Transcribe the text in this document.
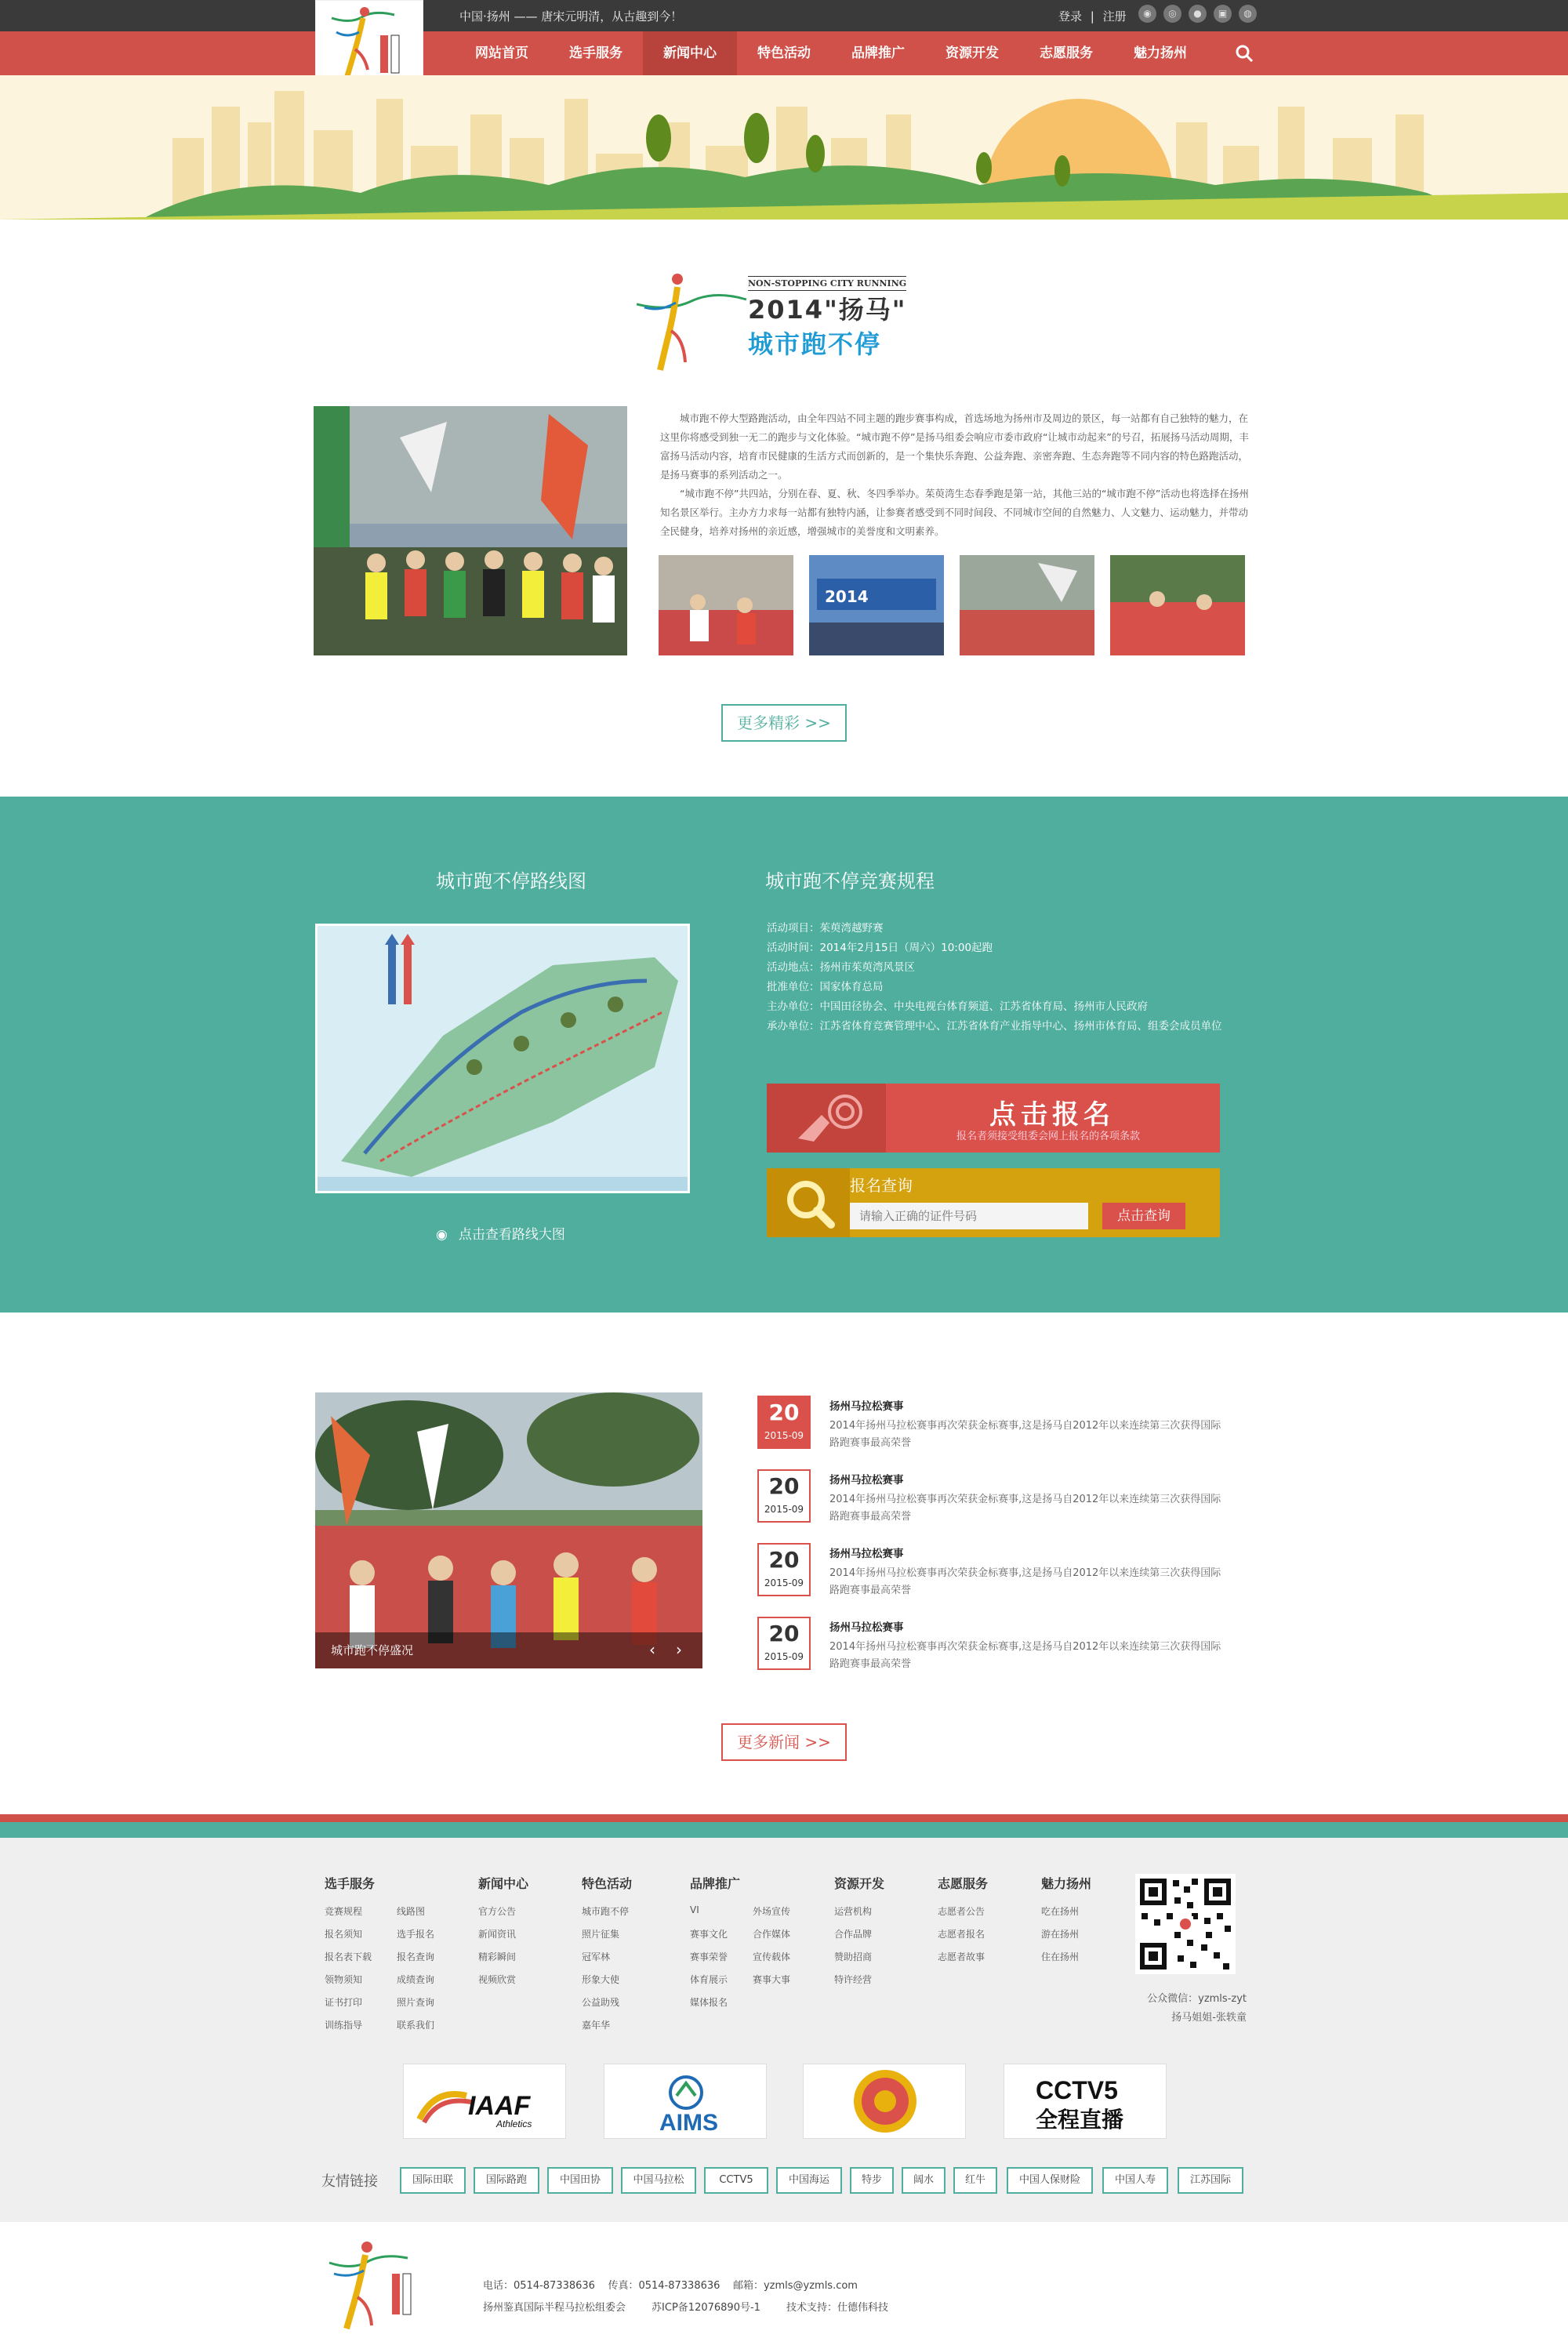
中国·扬州 —— 唐宋元明清，从古趣到今！	登录 | 注册	◉	◎	●	▣	◍
网站首页	选手服务	新闻中心	特色活动	品牌推广	资源开发	志愿服务	魅力扬州
NON-STOPPING CITY RUNNING
2014"扬马"
城市跑不停

城市跑不停大型路跑活动，由全年四站不同主题的跑步赛事构成，首选场地为扬州市及周边的景区，每一站都有自己独特的魅力，在这里你将感受到独一无二的跑步与文化体验。“城市跑不停”是扬马组委会响应市委市政府“让城市动起来”的号召，拓展扬马活动周期，丰富扬马活动内容，培育市民健康的生活方式而创新的，是一个集快乐奔跑、公益奔跑、亲密奔跑、生态奔跑等不同内容的特色路跑活动，是扬马赛事的系列活动之一。

“城市跑不停”共四站，分别在春、夏、秋、冬四季举办。茱萸湾生态春季跑是第一站，其他三站的“城市跑不停”活动也将选择在扬州知名景区举行。主办方力求每一站都有独特内涵，让参赛者感受到不同时间段、不同城市空间的自然魅力、人文魅力、运动魅力，并带动全民健身，培养对扬州的亲近感，增强城市的美誉度和文明素养。

2014
更多精彩 >>
城市跑不停路线图	城市跑不停竞赛规程
◉ 点击查看路线大图
活动项目：茱萸湾越野赛
活动时间：2014年2月15日（周六）10:00起跑
活动地点：扬州市茱萸湾风景区
批准单位：国家体育总局
主办单位：中国田径协会、中央电视台体育频道、江苏省体育局、扬州市人民政府
承办单位：江苏省体育竞赛管理中心、江苏省体育产业指导中心、扬州市体育局、组委会成员单位
点击报名
报名者须接受组委会网上报名的各项条款
报名查询
请输入正确的证件号码
点击查询
城市跑不停盛况	‹ ›
20
2015-09
扬州马拉松赛事
2014年扬州马拉松赛事再次荣获金标赛事,这是扬马自2012年以来连续第三次获得国际路跑赛事最高荣誉
20
2015-09
扬州马拉松赛事
2014年扬州马拉松赛事再次荣获金标赛事,这是扬马自2012年以来连续第三次获得国际路跑赛事最高荣誉
20
2015-09
扬州马拉松赛事
2014年扬州马拉松赛事再次荣获金标赛事,这是扬马自2012年以来连续第三次获得国际路跑赛事最高荣誉
20
2015-09
扬州马拉松赛事
2014年扬州马拉松赛事再次荣获金标赛事,这是扬马自2012年以来连续第三次获得国际路跑赛事最高荣誉
更多新闻 >>
选手服务
竞赛规程	线路图
报名须知	选手报名
报名表下载	报名查询
领物须知	成绩查询
证书打印	照片查询
训练指导	联系我们
新闻中心
官方公告
新闻资讯
精彩瞬间
视频欣赏
特色活动
城市跑不停
照片征集
冠军林
形象大使
公益助残
嘉年华
品牌推广
VI	外场宣传
赛事文化	合作媒体
赛事荣誉	宣传载体
体育展示	赛事大事
媒体报名
资源开发
运营机构
合作品牌
赞助招商
特许经营
志愿服务
志愿者公告
志愿者报名
志愿者故事
魅力扬州
吃在扬州
游在扬州
住在扬州
公众微信：yzmls-zyt
扬马姐姐-张轶童
IAAF
Athletics	AIMS
CCTV5
全程直播
友情链接	国际田联	国际路跑	中国田协	中国马拉松	CCTV5	中国海运	特步	阔水	红牛	中国人保财险	中国人寿	江苏国际
电话：0514-87338636    传真：0514-87338636    邮箱：yzmls@yzmls.com
扬州鉴真国际半程马拉松组委会        苏ICP备12076890号-1        技术支持：仕德伟科技
